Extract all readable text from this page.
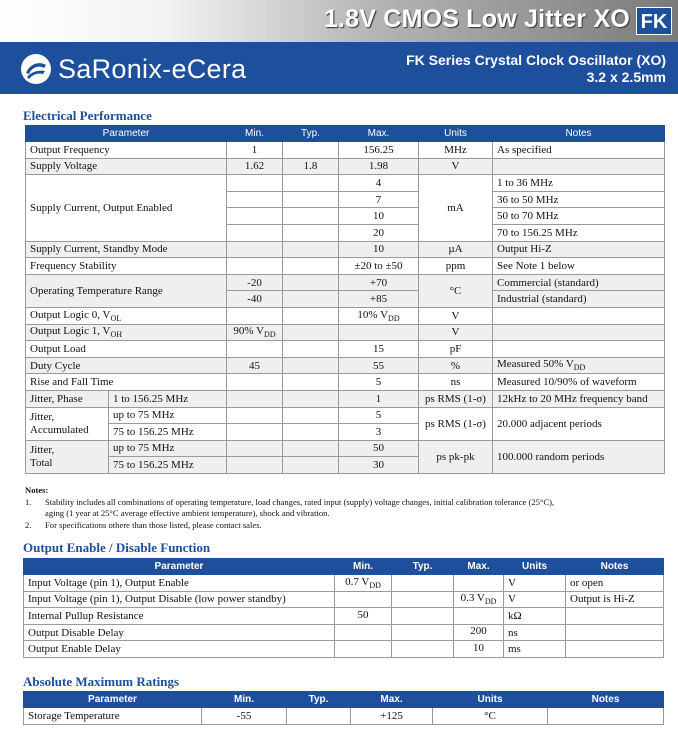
1.8V CMOS Low Jitter XO FK
SaRonix-eCera	FK Series Crystal Clock Oscillator (XO)
3.2 x 2.5mm
Electrical Performance
Parameter		Min.	Typ.	Max.	Units	Notes
Output Frequency		1		156.25	MHz	As specified
Supply Voltage		1.62	1.8	1.98	V	
Supply Current, Output Enabled				4	mA	1 to 36 MHz
				7		36 to 50 MHz
				10		50 to 70 MHz
				20		70 to 156.25 MHz
Supply Current, Standby Mode				10	µA	Output Hi-Z
Frequency Stability				±20 to ±50	ppm	See Note 1 below
Operating Temperature Range		-20		+70	°C	Commercial (standard)
		-40		+85		Industrial (standard)
Output Logic 0, $V_{OL}$				10% $V_{DD}$	V	
Output Logic 1, $V_{OH}$		90% $V_{DD}$			V	
Output Load				15	pF	
Duty Cycle		45		55	%	Measured 50% $V_{DD}$
Rise and Fall Time				5	ns	Measured 10/90% of waveform
Jitter, Phase	1 to 156.25 MHz			1	ps RMS (1-σ)	12kHz to 20 MHz frequency band

Jitter,
Accumulated	up to 75 MHz			5	ps RMS (1-σ)	20.000 adjacent periods
	75 to 156.25 MHz			3		

Jitter,
Total	up to 75 MHz			50	ps pk-pk	100.000 random periods
	75 to 156.25 MHz			30		
Notes:
1.	Stability includes all combinations of operating temperature, load changes, rated input (supply) voltage changes, initial calibration tolerance (25°C),
aging (1 year at 25°C average effective ambient temperature), shock and vibration.
2.	For specifications othere than those listed, please contact sales.
Output Enable / Disable Function
Parameter	Min.	Typ.	Max.	Units	Notes
Input Voltage (pin 1), Output Enable	0.7 $V_{DD}$			V	or open
Input Voltage (pin 1), Output Disable (low power standby)			0.3 $V_{DD}$	V	Output is Hi-Z
Internal Pullup Resistance	50			kΩ	
Output Disable Delay			200	ns	
Output Enable Delay			10	ms	
Absolute Maximum Ratings
Parameter	Min.	Typ.	Max.	Units	Notes
Storage Temperature	-55		+125	°C	
